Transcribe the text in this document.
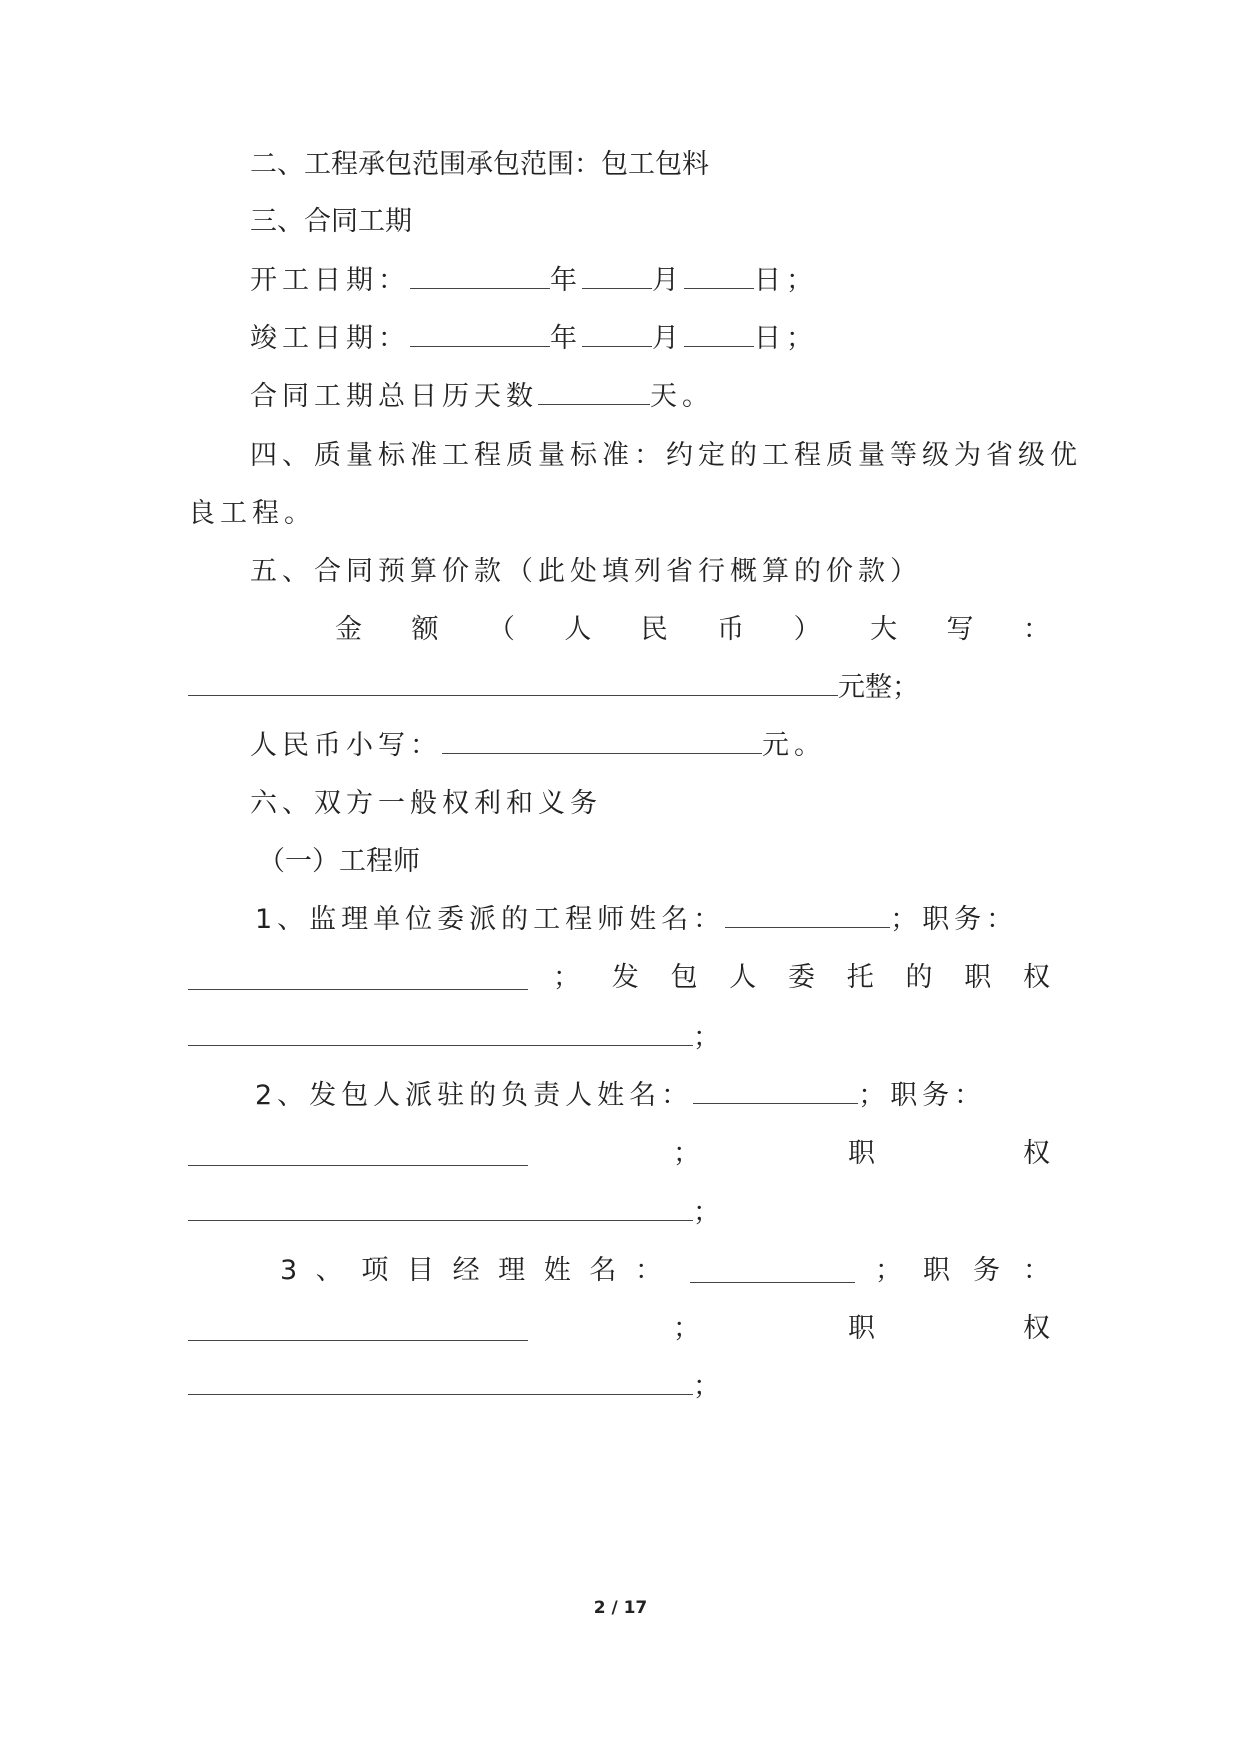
二、工程承包范围承包范围：包工包料
三、合同工期
开工日期：	年	月	日；
竣工日期：	年	月	日；
合同工期总日历天数	天。
四、质量标准工程质量标准：约定的工程质量等级为省级优
良工程。
五、合同预算价款（此处填列省行概算的价款）
金 额 （ 人 民 币 ） 大 写 ：
元整；
人民币小写：	元。
六、双方一般权利和义务
（一）工程师
1、监理单位委派的工程师姓名：	；职务：
； 发 包 人 委 托 的 职 权
；
2、发包人派驻的负责人姓名：	；职务：
；	职	权
；
3 、 项 目 经 理 姓 名 ：	； 职 务 ：
；	职	权
；
2 / 17
